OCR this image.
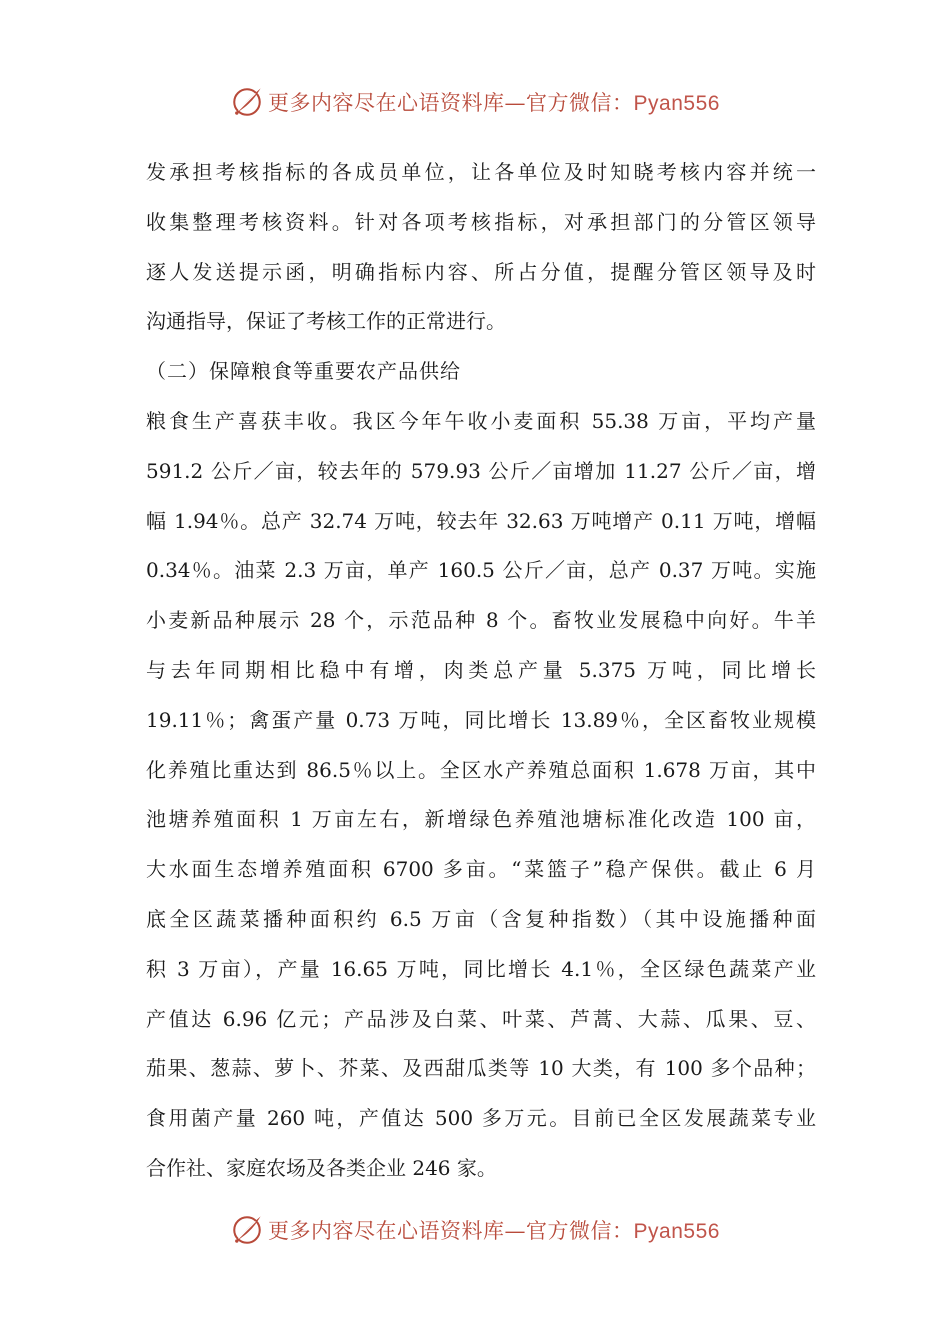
更多内容尽在心语资料库—官方微信：Pyan556
发承担考核指标的各成员单位，让各单位及时知晓考核内容并统一
收集整理考核资料。针对各项考核指标，对承担部门的分管区领导
逐人发送提示函，明确指标内容、所占分值，提醒分管区领导及时
沟通指导，保证了考核工作的正常进行。
（二）保障粮食等重要农产品供给
粮食生产喜获丰收。我区今年午收小麦面积 55.38 万亩，平均产量
591.2 公斤／亩，较去年的 579.93 公斤／亩增加 11.27 公斤／亩，增
幅 1.94％。总产 32.74 万吨，较去年 32.63 万吨增产 0.11 万吨，增幅
0.34％。油菜 2.3 万亩，单产 160.5 公斤／亩，总产 0.37 万吨。实施
小麦新品种展示 28 个，示范品种 8 个。畜牧业发展稳中向好。牛羊
与去年同期相比稳中有增，肉类总产量 5.375 万吨，同比增长
19.11％；禽蛋产量 0.73 万吨，同比增长 13.89％，全区畜牧业规模
化养殖比重达到 86.5％以上。全区水产养殖总面积 1.678 万亩，其中
池塘养殖面积 1 万亩左右，新增绿色养殖池塘标准化改造 100 亩，
大水面生态增养殖面积 6700 多亩。“菜篮子”稳产保供。截止 6 月
底全区蔬菜播种面积约 6.5 万亩（含复种指数）（其中设施播种面
积 3 万亩），产量 16.65 万吨，同比增长 4.1％，全区绿色蔬菜产业
产值达 6.96 亿元；产品涉及白菜、叶菜、芦蒿、大蒜、瓜果、豆、
茄果、葱蒜、萝卜、芥菜、及西甜瓜类等 10 大类，有 100 多个品种；
食用菌产量 260 吨，产值达 500 多万元。目前已全区发展蔬菜专业
合作社、家庭农场及各类企业 246 家。
更多内容尽在心语资料库—官方微信：Pyan556
